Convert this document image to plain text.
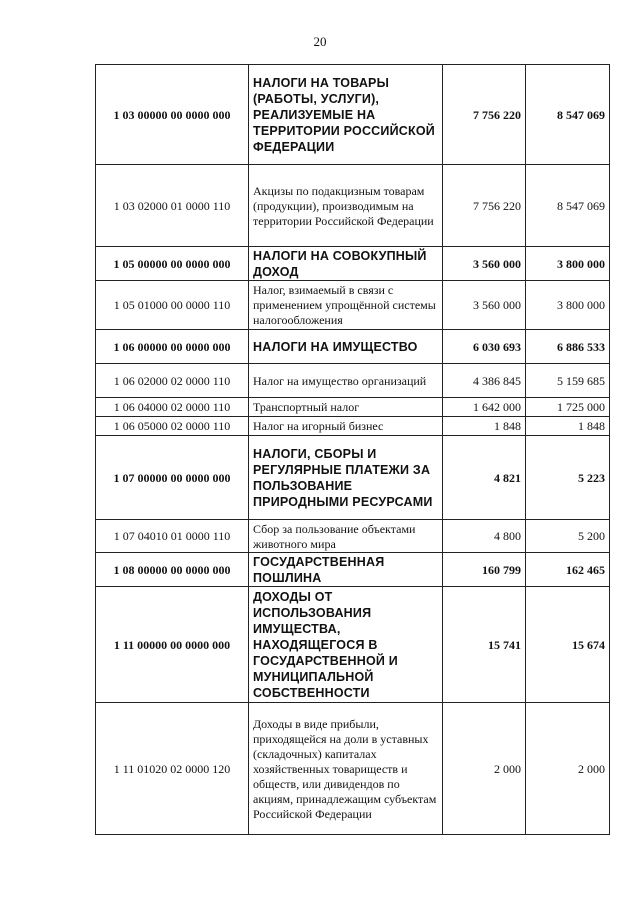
20
1 03 00000 00 0000 000	НАЛОГИ НА ТОВАРЫ (РАБОТЫ, УСЛУГИ), РЕАЛИЗУЕМЫЕ НА ТЕРРИТОРИИ РОССИЙСКОЙ ФЕДЕРАЦИИ	7 756 220	8 547 069
1 03 02000 01 0000 110	Акцизы по подакцизным товарам (продукции), производимым на территории Российской Федерации	7 756 220	8 547 069
1 05 00000 00 0000 000	НАЛОГИ НА СОВОКУПНЫЙ ДОХОД	3 560 000	3 800 000
1 05 01000 00 0000 110	Налог, взимаемый в связи с применением упрощённой системы налогообложения	3 560 000	3 800 000
1 06 00000 00 0000 000	НАЛОГИ НА ИМУЩЕСТВО	6 030 693	6 886 533
1 06 02000 02 0000 110	Налог на имущество организаций	4 386 845	5 159 685
1 06 04000 02 0000 110	Транспортный налог	1 642 000	1 725 000
1 06 05000 02 0000 110	Налог на игорный бизнес	1 848	1 848
1 07 00000 00 0000 000	НАЛОГИ, СБОРЫ И РЕГУЛЯРНЫЕ ПЛАТЕЖИ ЗА ПОЛЬЗОВАНИЕ ПРИРОДНЫМИ РЕСУРСАМИ	4 821	5 223
1 07 04010 01 0000 110	Сбор за пользование объектами животного мира	4 800	5 200
1 08 00000 00 0000 000	ГОСУДАРСТВЕННАЯ ПОШЛИНА	160 799	162 465
1 11 00000 00 0000 000	ДОХОДЫ ОТ ИСПОЛЬЗОВАНИЯ ИМУЩЕСТВА, НАХОДЯЩЕГОСЯ В ГОСУДАРСТВЕННОЙ И МУНИЦИПАЛЬНОЙ СОБСТВЕННОСТИ	15 741	15 674
1 11 01020 02 0000 120	Доходы в виде прибыли, приходящейся на доли в уставных (складочных) капиталах хозяйственных товариществ и обществ, или дивидендов по акциям, принадлежащим субъектам Российской Федерации	2 000	2 000
